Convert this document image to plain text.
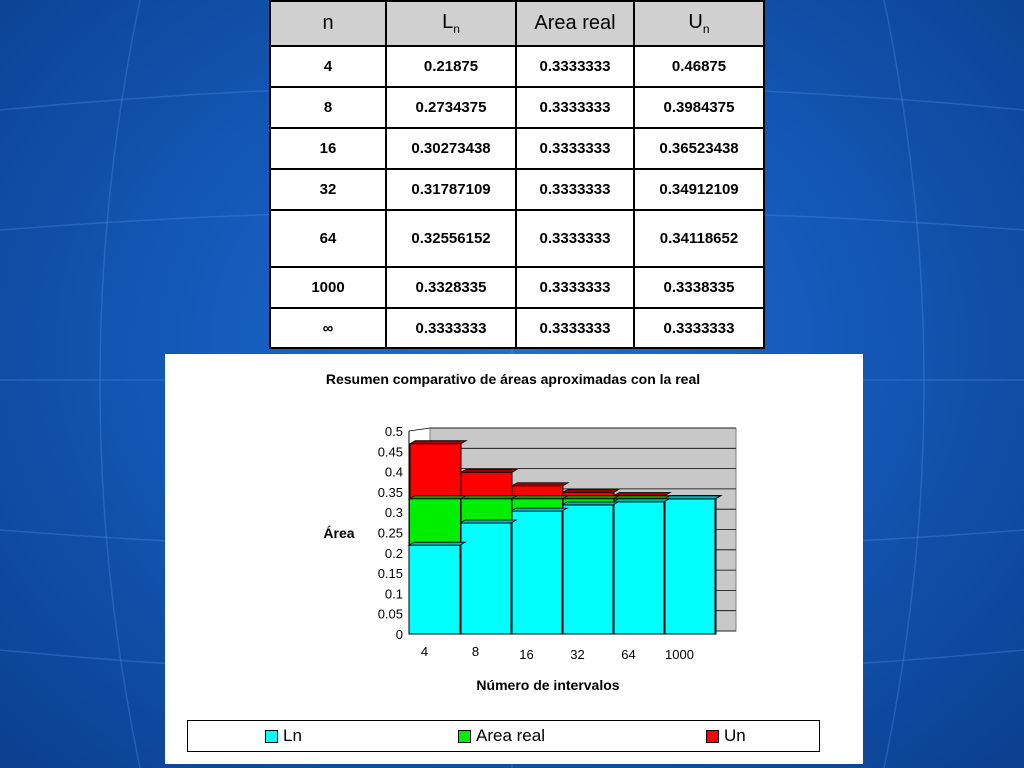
n	$L_n$	Area real	$U_n$
4	0.21875	0.3333333	0.46875
8	0.2734375	0.3333333	0.3984375
16	0.30273438	0.3333333	0.36523438
32	0.31787109	0.3333333	0.34912109
64	0.32556152	0.3333333	0.34118652
1000	0.3328335	0.3333333	0.3338335
∞	0.3333333	0.3333333	0.3333333
Resumen comparativo de áreas aproximadas con la real
Área
Número de intervalos
0
0.05
0.1
0.15
0.2
0.25
0.3
0.35
0.4
0.45
0.5
4	8	16	32	64 1000
Ln	Area real	Un
